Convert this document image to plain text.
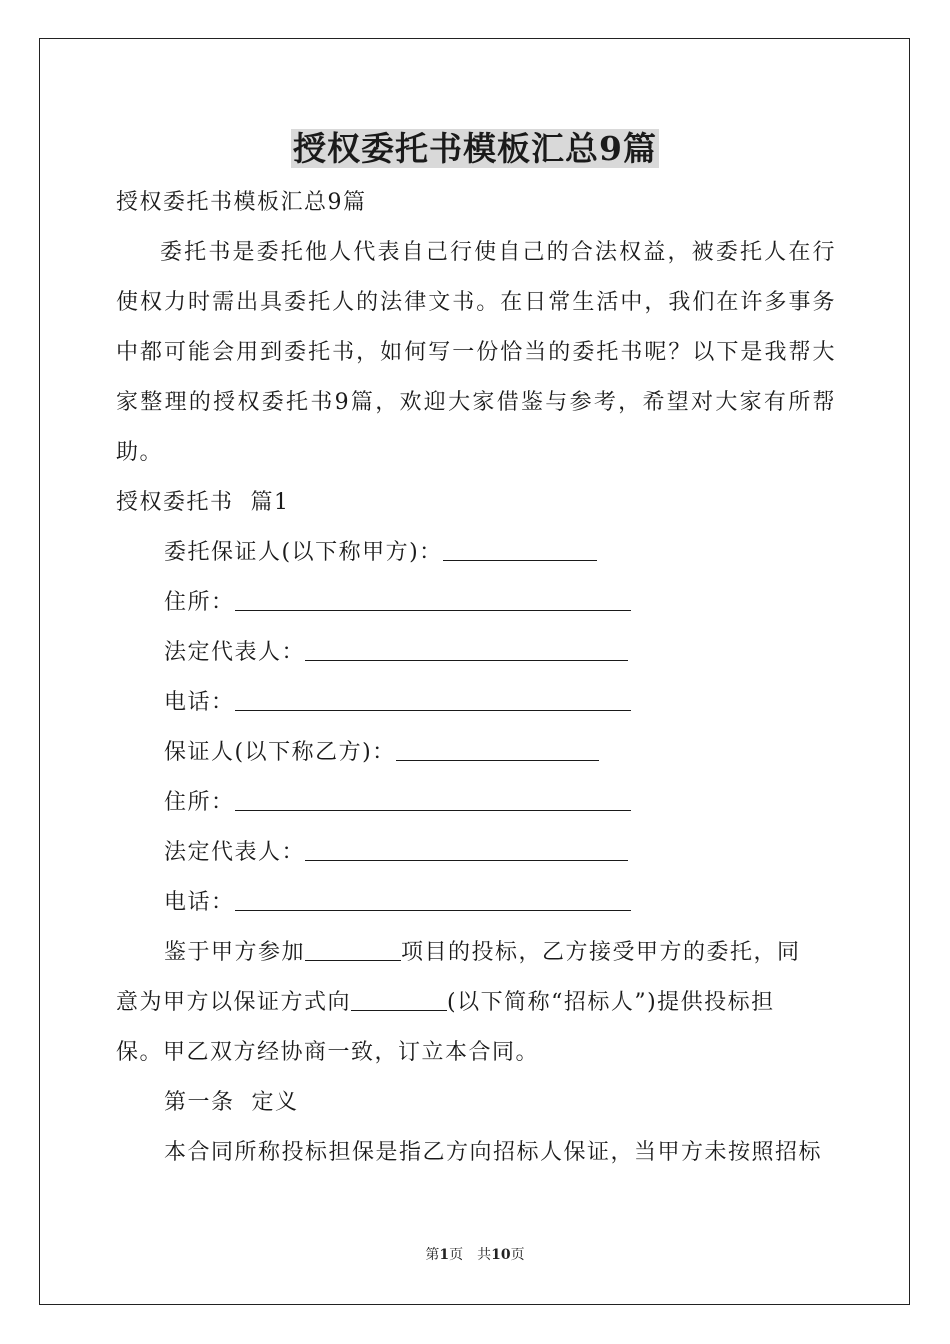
授权委托书模板汇总9篇
授权委托书模板汇总9篇
委托书是委托他人代表自己行使自己的合法权益，被委托人在行使权力时需出具委托人的法律文书。在日常生活中，我们在许多事务中都可能会用到委托书，如何写一份恰当的委托书呢？以下是我帮大家整理的授权委托书9篇，欢迎大家借鉴与参考，希望对大家有所帮助。
授权委托书  篇1
委托保证人(以下称甲方)：
住所：
法定代表人：
电话：
保证人(以下称乙方)：
住所：
法定代表人：
电话：
鉴于甲方参加	项目的投标，乙方接受甲方的委托，同
意为甲方以保证方式向	(以下简称“招标人”)提供投标担
保。甲乙双方经协商一致，订立本合同。
第一条  定义
本合同所称投标担保是指乙方向招标人保证，当甲方未按照招标
第1页 共10页
